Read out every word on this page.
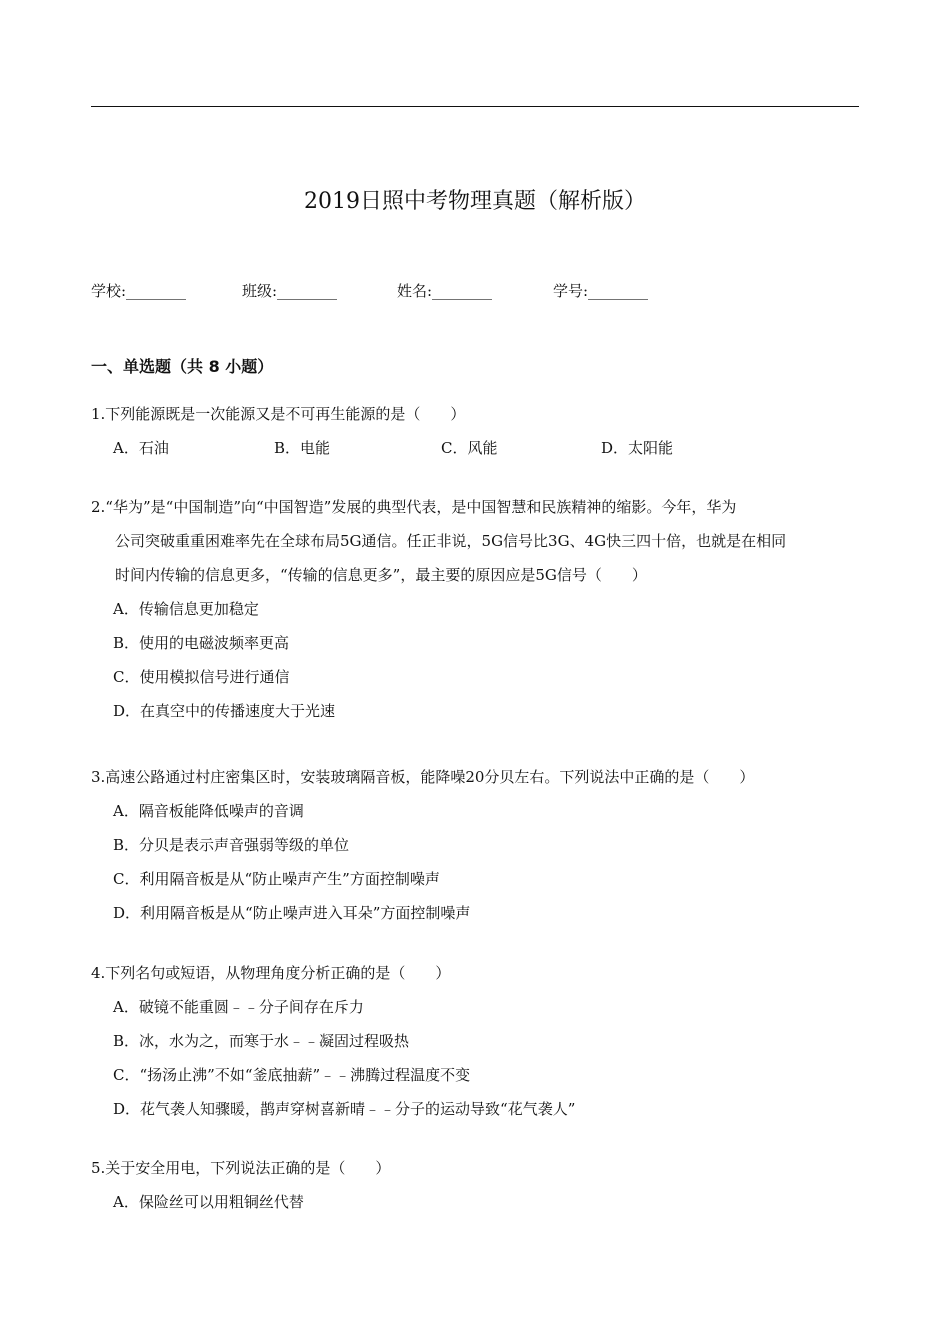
2019日照中考物理真题（解析版）
学校:________	班级:________	姓名:________	学号:________
一、单选题（共 8 小题）
1.下列能源既是一次能源又是不可再生能源的是（　　）
A．石油	B．电能	C．风能	D．太阳能
2.“华为”是“中国制造”向“中国智造”发展的典型代表，是中国智慧和民族精神的缩影。今年，华为
公司突破重重困难率先在全球布局5G通信。任正非说，5G信号比3G、4G快三四十倍，也就是在相同
时间内传输的信息更多，“传输的信息更多”，最主要的原因应是5G信号（　　）
A．传输信息更加稳定
B．使用的电磁波频率更高
C．使用模拟信号进行通信
D．在真空中的传播速度大于光速
3.高速公路通过村庄密集区时，安装玻璃隔音板，能降噪20分贝左右。下列说法中正确的是（　　）
A．隔音板能降低噪声的音调
B．分贝是表示声音强弱等级的单位
C．利用隔音板是从“防止噪声产生”方面控制噪声
D．利用隔音板是从“防止噪声进入耳朵”方面控制噪声
4.下列名句或短语，从物理角度分析正确的是（　　）
A．破镜不能重圆﹣﹣分子间存在斥力
B．冰，水为之，而寒于水﹣﹣凝固过程吸热
C．“扬汤止沸”不如“釜底抽薪”﹣﹣沸腾过程温度不变
D．花气袭人知骤暖，鹊声穿树喜新晴﹣﹣分子的运动导致“花气袭人”
5.关于安全用电，下列说法正确的是（　　）
A．保险丝可以用粗铜丝代替
